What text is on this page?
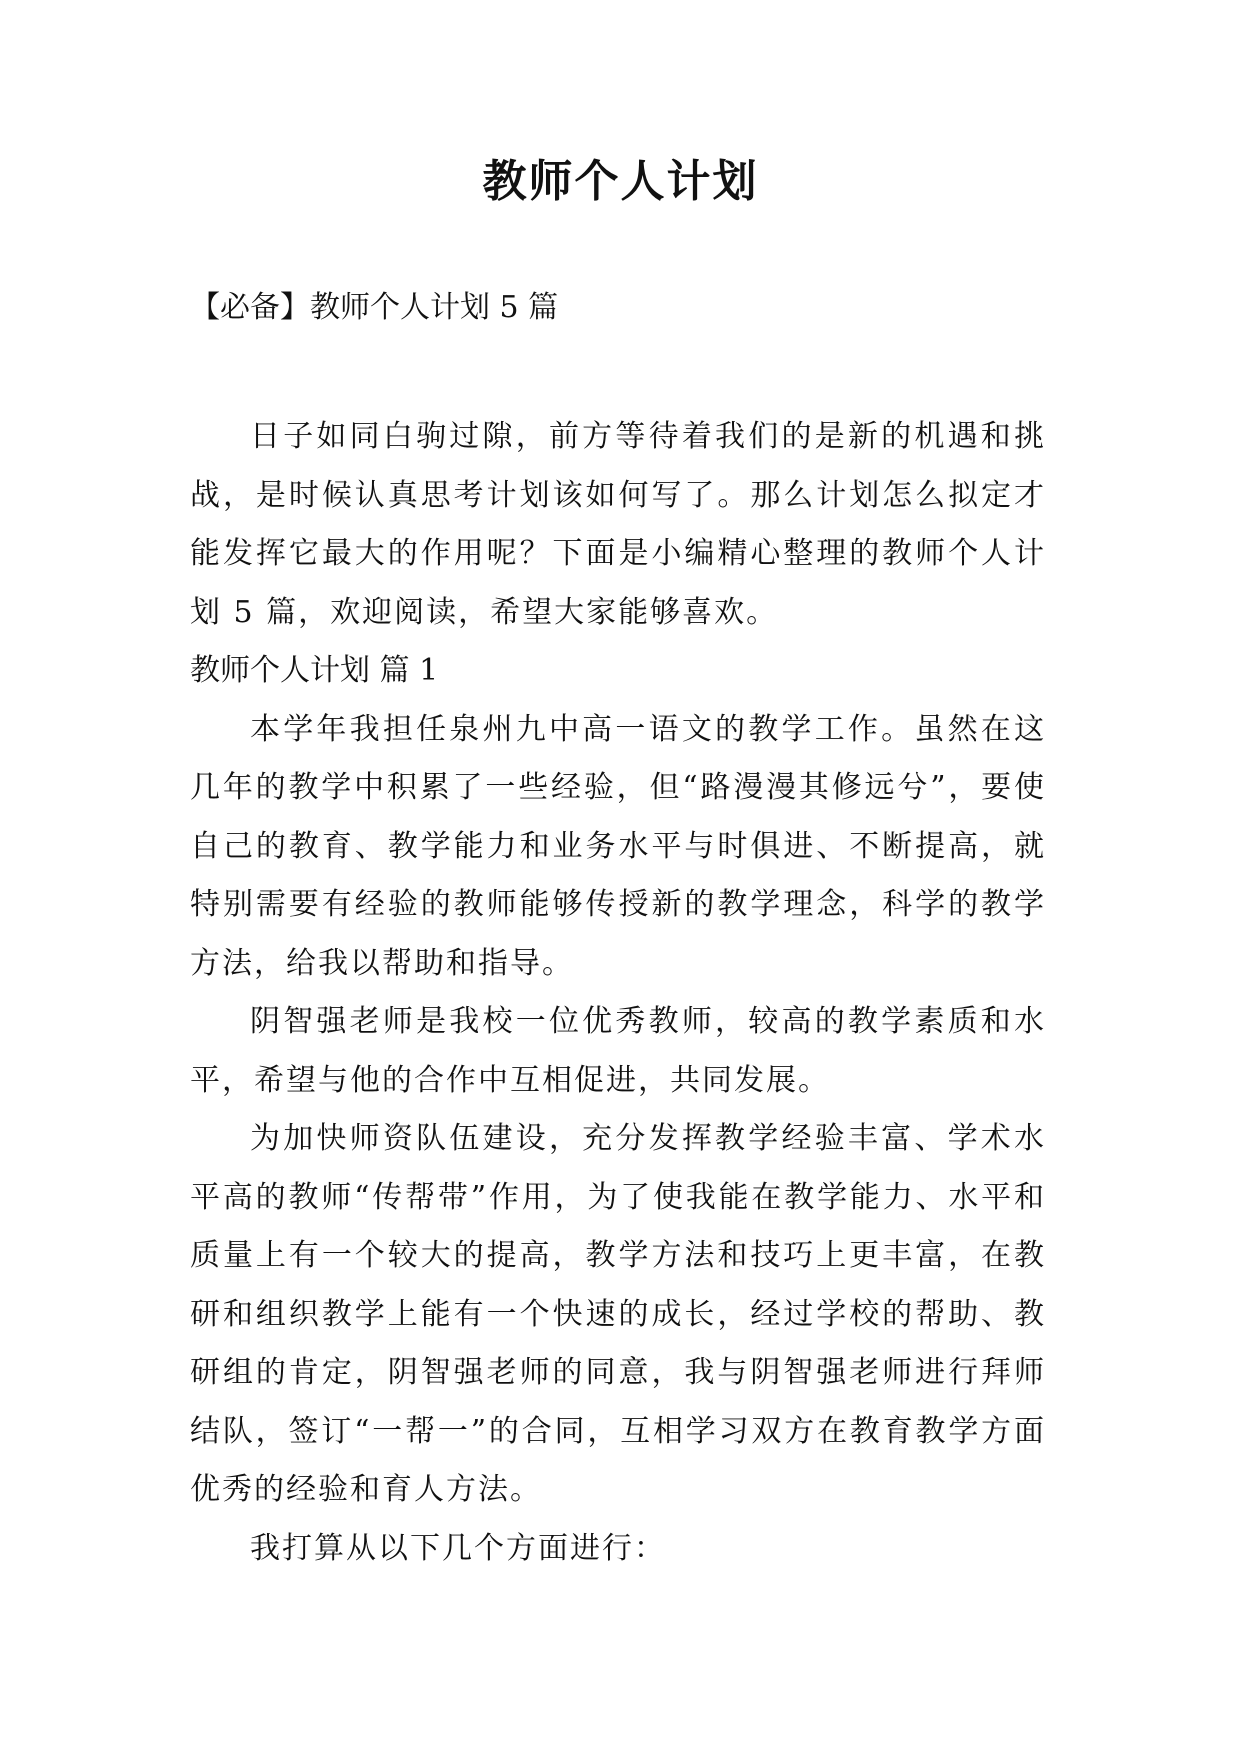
教师个人计划

【必备】教师个人计划 5 篇

日子如同白驹过隙，前方等待着我们的是新的机遇和挑战，是时候认真思考计划该如何写了。那么计划怎么拟定才能发挥它最大的作用呢？下面是小编精心整理的教师个人计划 5 篇，欢迎阅读，希望大家能够喜欢。

教师个人计划 篇 1

本学年我担任泉州九中高一语文的教学工作。虽然在这几年的教学中积累了一些经验，但“路漫漫其修远兮”，要使自己的教育、教学能力和业务水平与时俱进、不断提高，就特别需要有经验的教师能够传授新的教学理念，科学的教学方法，给我以帮助和指导。

阴智强老师是我校一位优秀教师，较高的教学素质和水平，希望与他的合作中互相促进，共同发展。

为加快师资队伍建设，充分发挥教学经验丰富、学术水平高的教师“传帮带”作用，为了使我能在教学能力、水平和质量上有一个较大的提高，教学方法和技巧上更丰富，在教研和组织教学上能有一个快速的成长，经过学校的帮助、教研组的肯定，阴智强老师的同意，我与阴智强老师进行拜师结队，签订“一帮一”的合同，互相学习双方在教育教学方面优秀的经验和育人方法。

我打算从以下几个方面进行：
